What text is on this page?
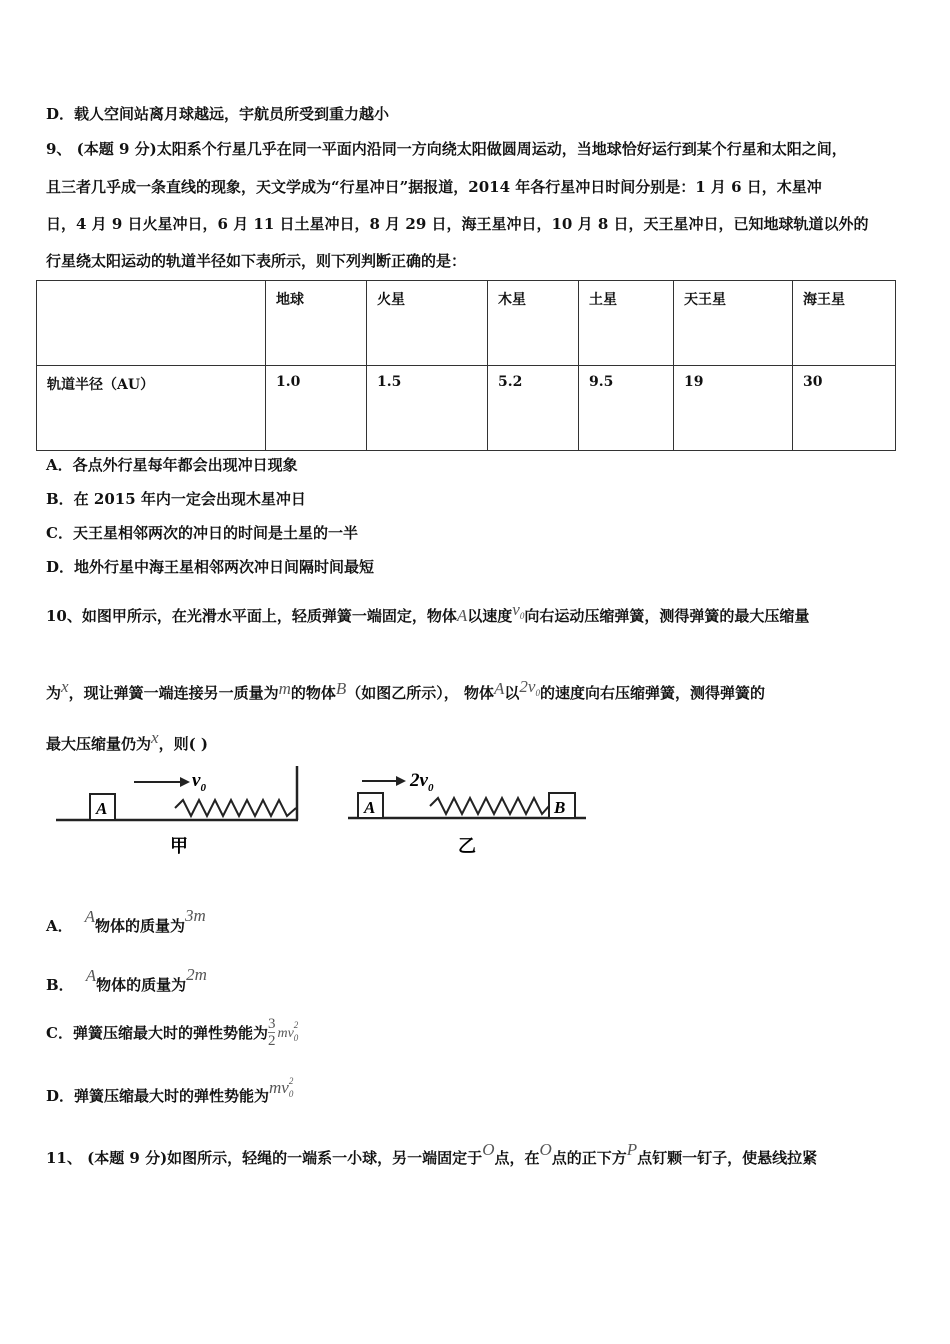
D．载人空间站离月球越远，宇航员所受到重力越小
9、 (本题 9 分)太阳系个行星几乎在同一平面内沿同一方向绕太阳做圆周运动，当地球恰好运行到某个行星和太阳之间，
且三者几乎成一条直线的现象，天文学成为“行星冲日”据报道，2014 年各行星冲日时间分别是：1 月 6 日，木星冲
日，4 月 9 日火星冲日，6 月 11 日土星冲日，8 月 29 日，海王星冲日，10 月 8 日，天王星冲日，已知地球轨道以外的
行星绕太阳运动的轨道半径如下表所示，则下列判断正确的是：
	地球	火星	木星	土星	天王星	海王星
轨道半径（AU）	1.0	1.5	5.2	9.5	19	30
A．各点外行星每年都会出现冲日现象
B．在 2015 年内一定会出现木星冲日
C．天王星相邻两次的冲日的时间是土星的一半
D．地外行星中海王星相邻两次冲日间隔时间最短
10、如图甲所示，在光滑水平面上，轻质弹簧一端固定，物体A以速度$v_0$向右运动压缩弹簧，测得弹簧的最大压缩量
为x，现让弹簧一端连接另一质量为m的物体B（如图乙所示）， 物体A以$2v_0$的速度向右压缩弹簧，测得弹簧的
最大压缩量仍为x，则( )
A
$v_0$
甲
A	B
$2v_0$
乙
A． A物体的质量为3m
B． A物体的质量为2m
C．弹簧压缩最大时的弹性势能为 $\frac{3}{2}$ mv
$_{2 0}$
D．弹簧压缩最大时的弹性势能为mv $_{2 0}$
11、 (本题 9 分)如图所示，轻绳的一端系一小球，另一端固定于O点，在O点的正下方P点钉颗一钉子，使悬线拉紧
